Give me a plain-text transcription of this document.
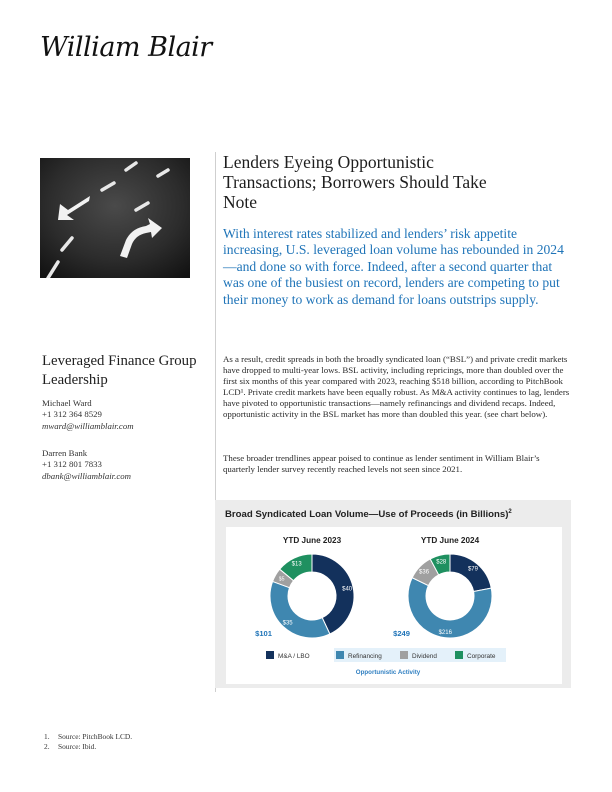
William Blair
Lenders Eyeing Opportunistic Transactions; Borrowers Should Take Note
With interest rates stabilized and lenders’ risk appetite increasing, U.S. leveraged loan volume has rebounded in 2024—and done so with force. Indeed, after a second quarter that was one of the busiest on record, lenders are competing to put their money to work as demand for loans outstrips supply.
Leveraged Finance Group Leadership
Michael Ward
+1 312 364 8529
mward@williamblair.com
Darren Bank
+1 312 801 7833
dbank@williamblair.com
As a result, credit spreads in both the broadly syndicated loan (“BSL”) and private credit markets have dropped to multi-year lows. BSL activity, including repricings, more than doubled over the first six months of this year compared with 2023, reaching $518 billion, according to PitchBook LCD¹. Private credit markets have been equally robust. As M&A activity continues to lag, lenders have pivoted to opportunistic transactions—namely refinancings and dividend recaps. Indeed, opportunistic activity in the BSL market has more than doubled this year. (see chart below).
These broader trendlines appear poised to continue as lender sentiment in William Blair’s quarterly lender survey recently reached levels not seen since 2021.
Broad Syndicated Loan Volume—Use of Proceeds (in Billions)$^2$
YTD June 2023
$40
$35
$5
$13
$101
YTD June 2024
$79
$216
$36
$28
$249
M&A / LBO	Refinancing	Dividend	Corporate
Opportunistic Activity
1. Source: PitchBook LCD.
2. Source: Ibid.
